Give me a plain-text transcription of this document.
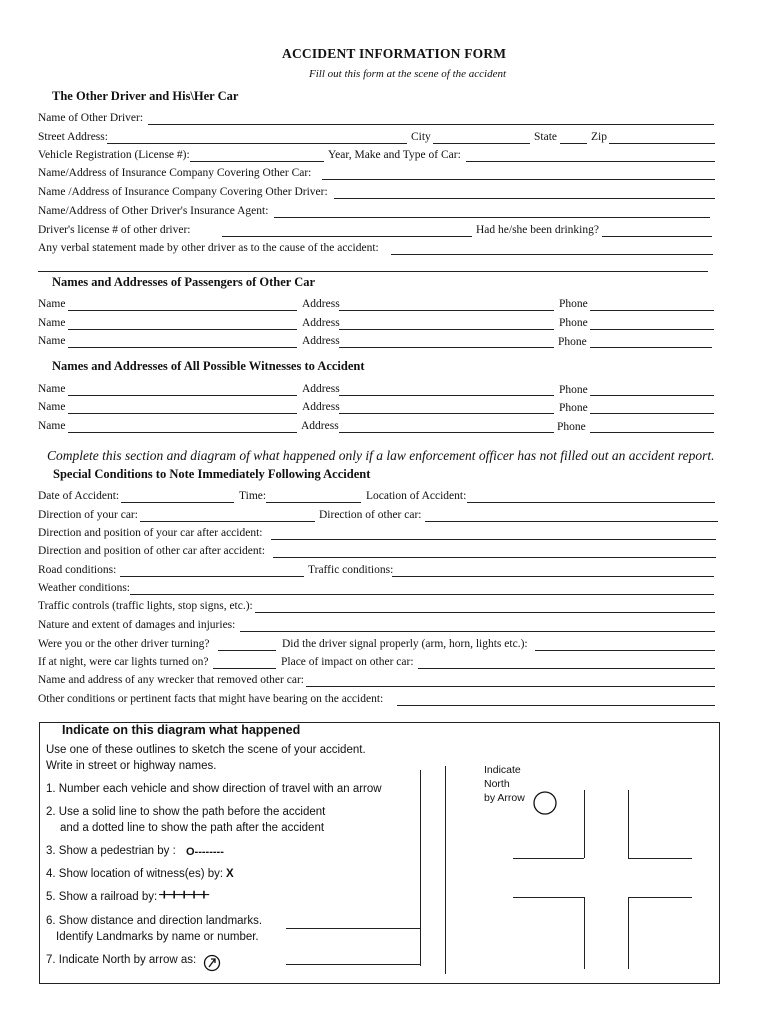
ACCIDENT INFORMATION FORM
Fill out this form at the scene of the accident
The Other Driver and His\Her Car
Name of Other Driver:
Street Address:	City	State	Zip
Vehicle Registration (License #):	Year, Make and Type of Car:
Name/Address of Insurance Company Covering Other Car:
Name /Address of Insurance Company Covering Other Driver:
Name/Address of Other Driver's Insurance Agent:
Driver's license # of other driver:	Had he/she been drinking?
Any verbal statement made by other driver as to the cause of the accident:
Names and Addresses of Passengers of Other Car
Name	Address	Phone
Name	Address	Phone
Name	Address	Phone
Names and Addresses of All Possible Witnesses to Accident
Name	Address	Phone
Name	Address	Phone
Name	Address	Phone
Complete this section and diagram of what happened only if a law enforcement officer has not filled out an accident report.
Special Conditions to Note Immediately Following Accident
Date of Accident:	Time:	Location of Accident:
Direction of your car:	Direction of other car:
Direction and position of your car after accident:
Direction and position of other car after accident:
Road conditions:	Traffic conditions:
Weather conditions:
Traffic controls (traffic lights, stop signs, etc.):
Nature and extent of damages and injuries:
Were you or the other driver turning?	Did the driver signal properly (arm, horn, lights etc.):
If at night, were car lights turned on?	Place of impact on other car:
Name and address of any wrecker that removed other car:
Other conditions or pertinent facts that might have bearing on the accident:
Indicate on this diagram what happened
Use one of these outlines to sketch the scene of your accident.
Write in street or highway names.
1. Number each vehicle and show direction of travel with an arrow
2. Use a solid line to show the path before the accident
and a dotted line to show the path after the accident
3. Show a pedestrian by : O--------
4. Show location of witness(es) by: X
5. Show a railroad by: +++++
6. Show distance and direction landmarks.
Identify Landmarks by name or number.
7. Indicate North by arrow as:
Indicate
North
by Arrow
